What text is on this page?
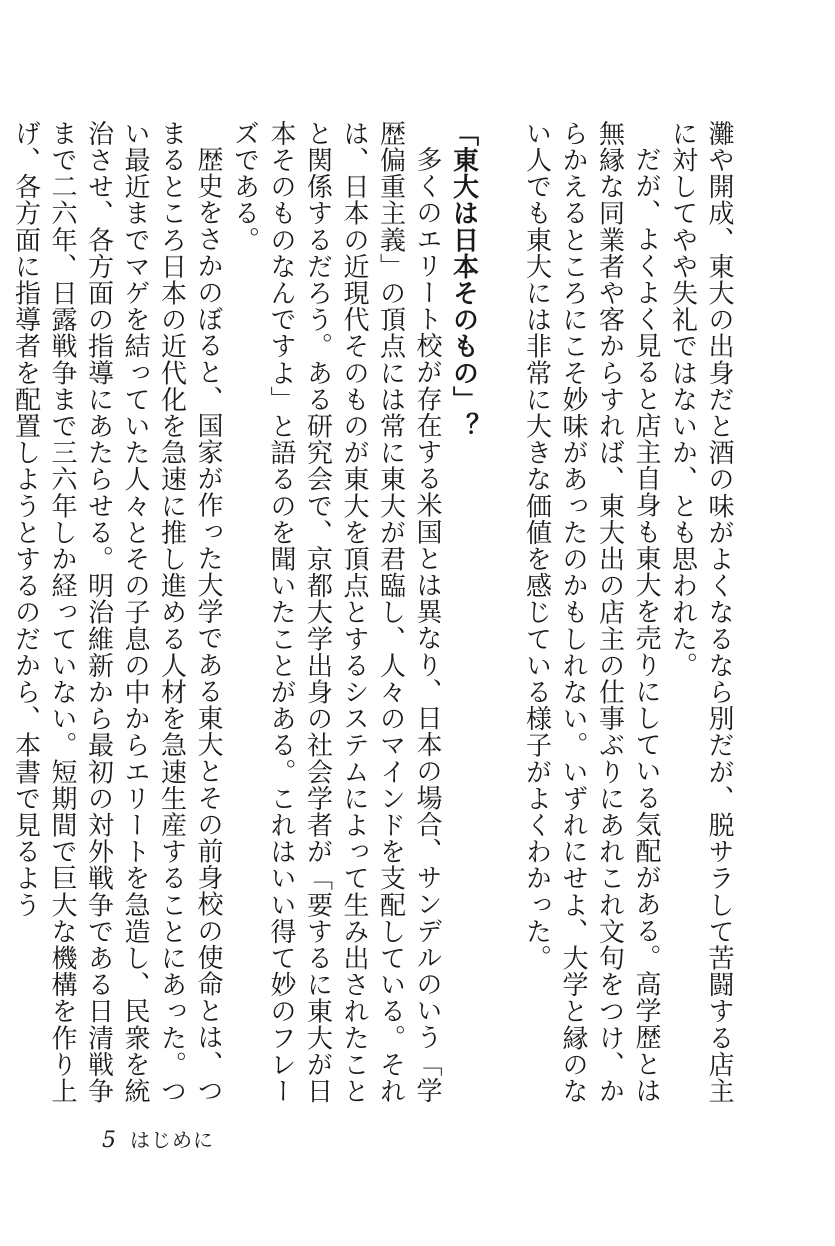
灘や開成、東大の出身だと酒の味がよくなるなら別だが、脱サラして苦闘する店主に対してやや失礼ではないか、とも思われた。

だが、よくよく見ると店主自身も東大を売りにしている気配がある。高学歴とは無縁な同業者や客からすれば、東大出の店主の仕事ぶりにあれこれ文句をつけ、からかえるところにこそ妙味があったのかもしれない。いずれにせよ、大学と縁のない人でも東大には非常に大きな価値を感じている様子がよくわかった。

「東大は日本そのもの」？

多くのエリート校が存在する米国とは異なり、日本の場合、サンデルのいう「学歴偏重主義」の頂点には常に東大が君臨し、人々のマインドを支配している。それは、日本の近現代そのものが東大を頂点とするシステムによって生み出されたことと関係するだろう。ある研究会で、京都大学出身の社会学者が「要するに東大が日本そのものなんですよ」と語るのを聞いたことがある。これはいい得て妙のフレーズである。

歴史をさかのぼると、国家が作った大学である東大とその前身校の使命とは、つまるところ日本の近代化を急速に推し進める人材を急速生産することにあった。つい最近までマゲを結っていた人々とその子息の中からエリートを急造し、民衆を統治させ、各方面の指導にあたらせる。明治維新から最初の対外戦争である日清戦争まで二六年、日露戦争まで三六年しか経っていない。短期間で巨大な機構を作り上げ、各方面に指導者を配置しようとするのだから、本書で見るよう

5 はじめに
